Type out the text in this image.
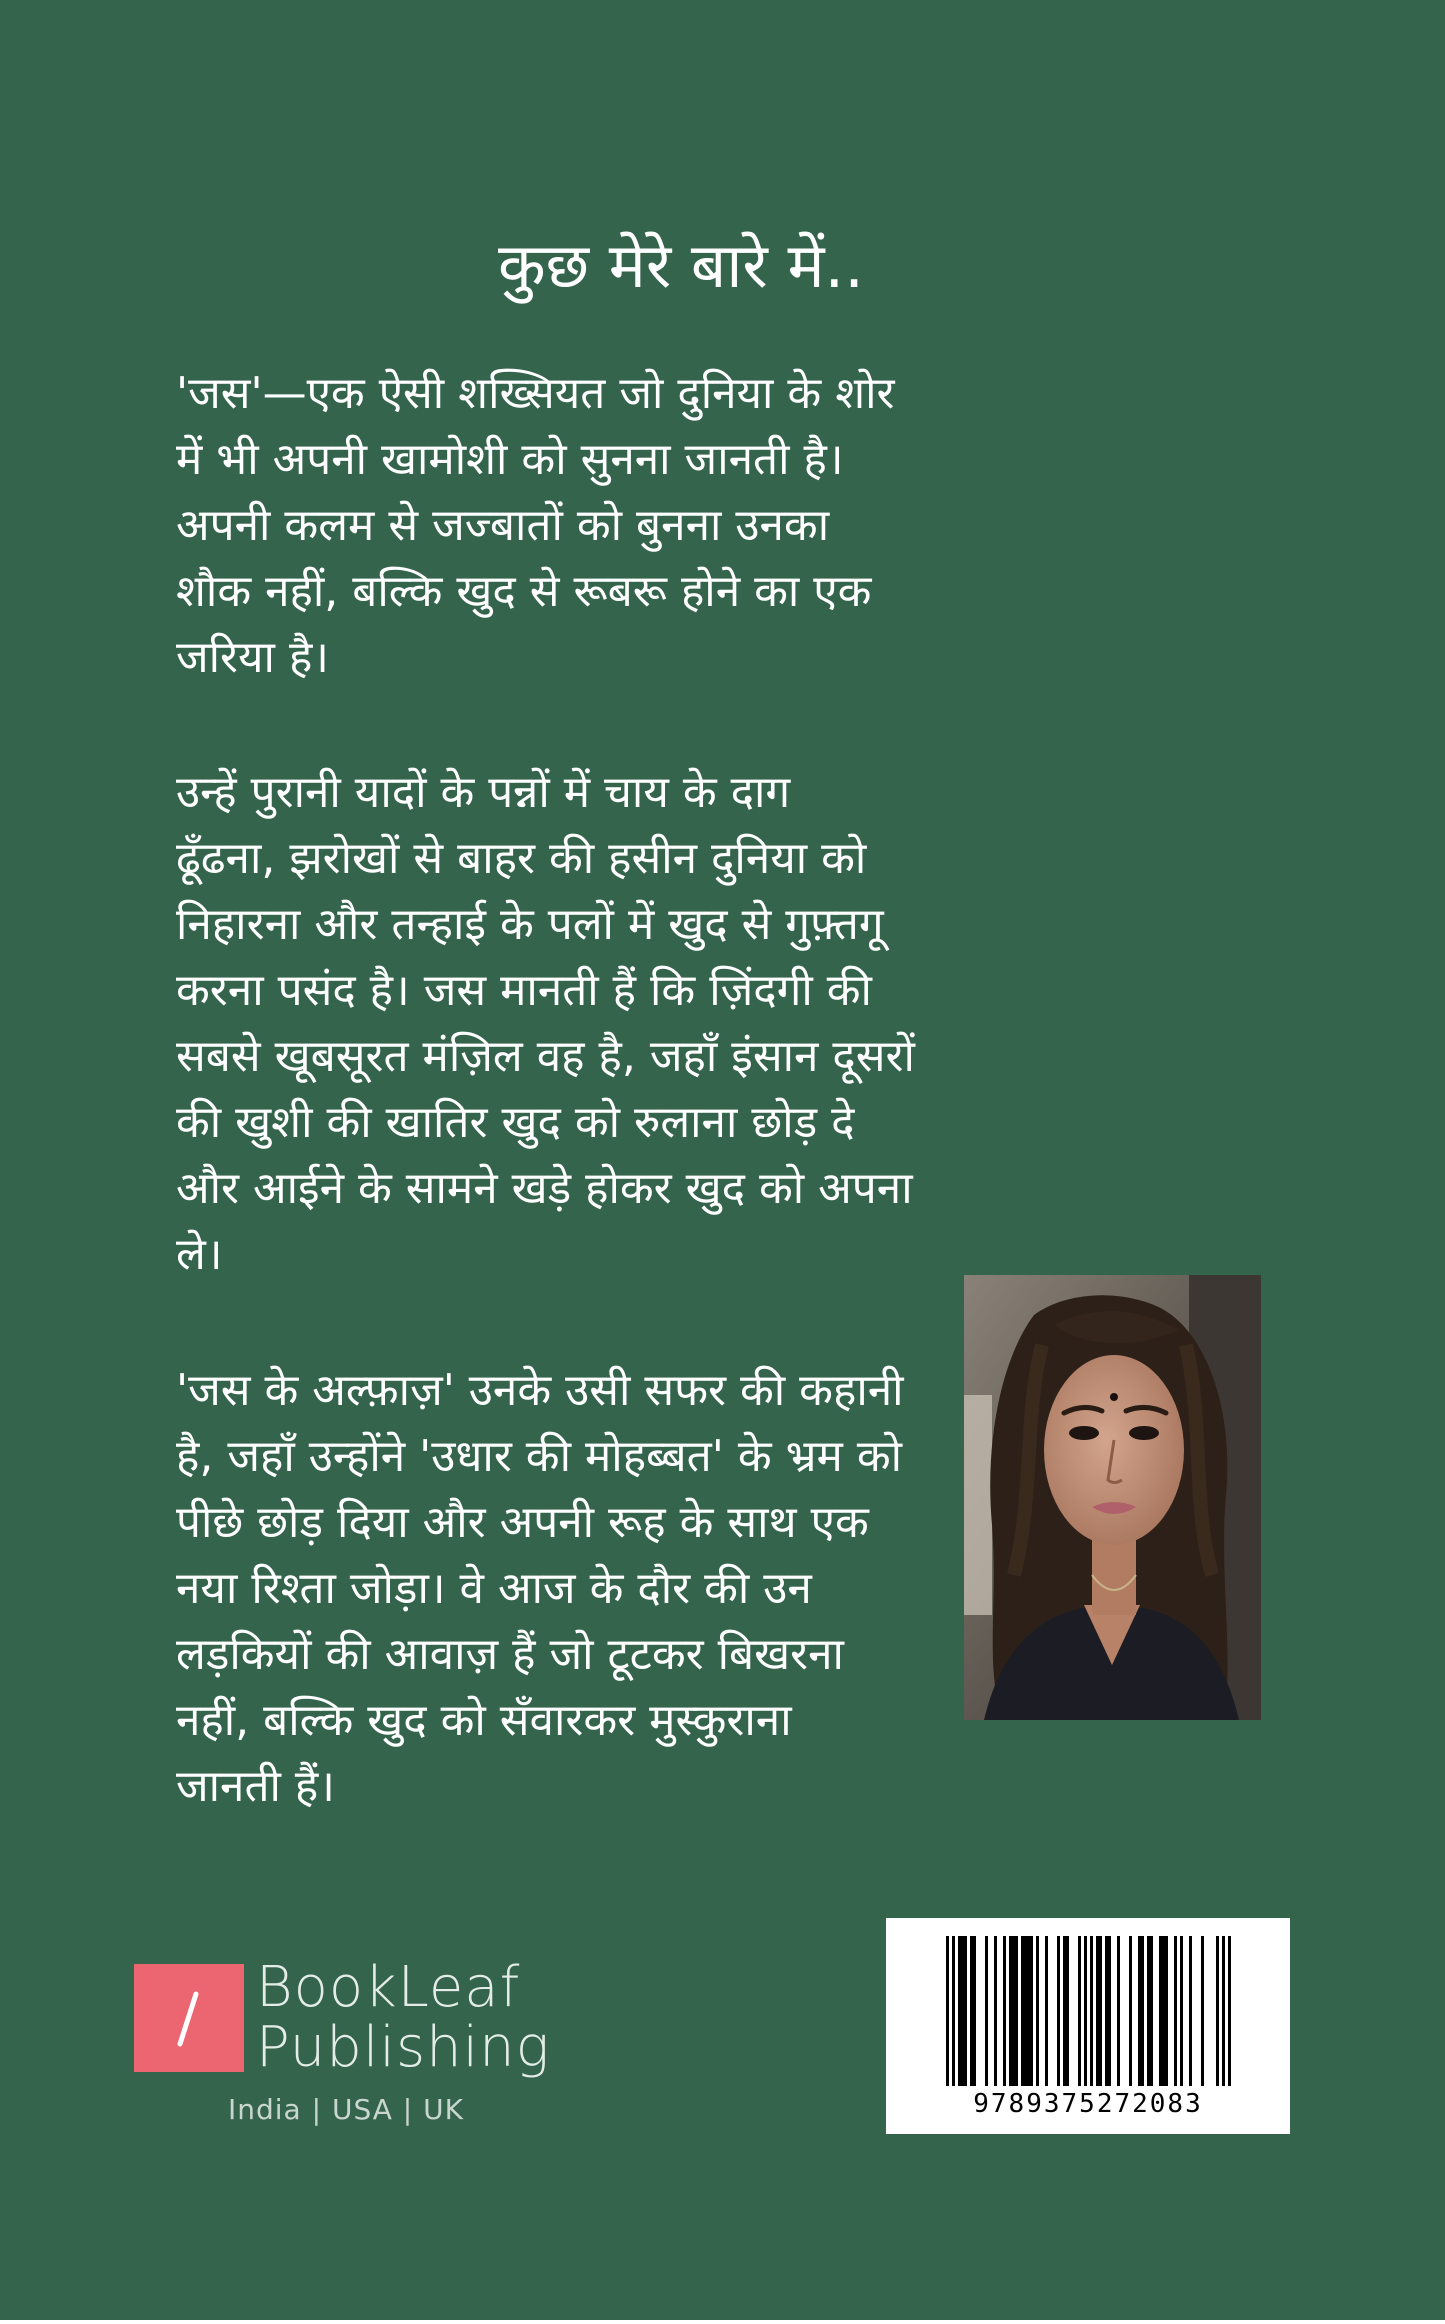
कुछ मेरे बारे में..

'जस'—एक ऐसी शख्सियत जो दुनिया के शोर
में भी अपनी खामोशी को सुनना जानती है।
अपनी कलम से जज्बातों को बुनना उनका
शौक नहीं, बल्कि खुद से रूबरू होने का एक
जरिया है।

उन्हें पुरानी यादों के पन्नों में चाय के दाग
ढूँढना, झरोखों से बाहर की हसीन दुनिया को
निहारना और तन्हाई के पलों में खुद से गुफ़्तगू
करना पसंद है। जस मानती हैं कि ज़िंदगी की
सबसे खूबसूरत मंज़िल वह है, जहाँ इंसान दूसरों
की खुशी की खातिर खुद को रुलाना छोड़ दे
और आईने के सामने खड़े होकर खुद को अपना
ले।

'जस के अल्फ़ाज़' उनके उसी सफर की कहानी
है, जहाँ उन्होंने 'उधार की मोहब्बत' के भ्रम को
पीछे छोड़ दिया और अपनी रूह के साथ एक
नया रिश्ता जोड़ा। वे आज के दौर की उन
लड़कियों की आवाज़ हैं जो टूटकर बिखरना
नहीं, बल्कि खुद को सँवारकर मुस्कुराना
जानती हैं।

BookLeaf

Publishing

India | USA | UK	9789375272083
